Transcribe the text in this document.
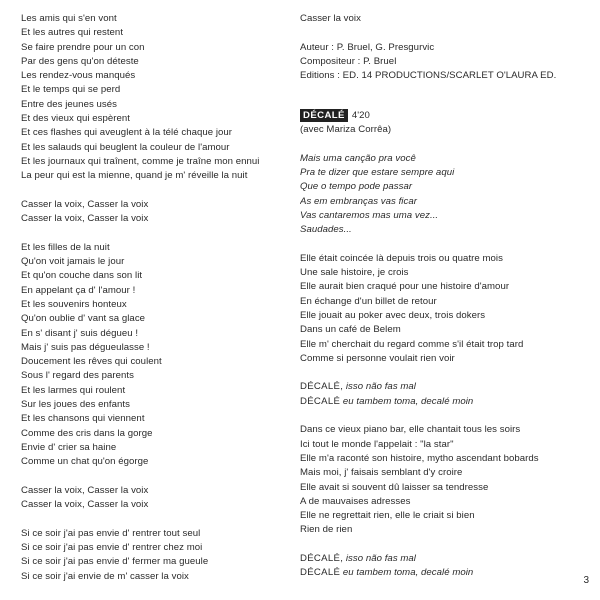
Les amis qui s'en vont
Et les autres qui restent
Se faire prendre pour un con
Par des gens qu'on déteste
Les rendez-vous manqués
Et le temps qui se perd
Entre des jeunes usés
Et des vieux qui espèrent
Et ces flashes qui aveuglent à la télé chaque jour
Et les salauds qui beuglent la couleur de l'amour
Et les journaux qui traînent, comme je traîne mon ennui
La peur qui est la mienne, quand je m' réveille la nuit
Casser la voix, Casser la voix
Casser la voix, Casser la voix
Et les filles de la nuit
Qu'on voit jamais le jour
Et qu'on couche dans son lit
En appelant ça d' l'amour !
Et les souvenirs honteux
Qu'on oublie d' vant sa glace
En s' disant j' suis dégueu !
Mais j' suis pas dégueulasse !
Doucement les rêves qui coulent
Sous l' regard des parents
Et les larmes qui roulent
Sur les joues des enfants
Et les chansons qui viennent
Comme des cris dans la gorge
Envie d' crier sa haine
Comme un chat qu'on égorge
Casser la voix, Casser la voix
Casser la voix, Casser la voix
Si ce soir j'ai pas envie d' rentrer tout seul
Si ce soir j'ai pas envie d' rentrer chez moi
Si ce soir j'ai pas envie d' fermer ma gueule
Si ce soir j'ai envie de m' casser la voix
Casser la voix
Auteur : P. Bruel, G. Presgurvic
Compositeur : P. Bruel
Editions : ED. 14 PRODUCTIONS/SCARLET O'LAURA ED.
DÉCALÉ 4'20
(avec Mariza Corrêa)
Mais uma canção pra você
Pra te dizer que estare sempre aqui
Que o tempo pode passar
As em embranças vas ficar
Vas cantaremos mas uma vez...
Saudades...
Elle était coincée là depuis trois ou quatre mois
Une sale histoire, je crois
Elle aurait bien craqué pour une histoire d'amour
En échange d'un billet de retour
Elle jouait au poker avec deux, trois dokers
Dans un café de Belem
Elle m' cherchait du regard comme s'il était trop tard
Comme si personne voulait rien voir
DÉCALÉ, isso não fas mal
DÉCALÉ eu tambem toma, decalé moin
Dans ce vieux piano bar, elle chantait tous les soirs
Ici tout le monde l'appelait : "la star"
Elle m'a raconté son histoire, mytho ascendant bobards
Mais moi, j' faisais semblant d'y croire
Elle avait si souvent dû laisser sa tendresse
A de mauvaises adresses
Elle ne regrettait rien, elle le criait si bien
Rien de rien
DÉCALÉ, isso não fas mal
DÉCALÉ eu tambem toma, decalé moin
3
